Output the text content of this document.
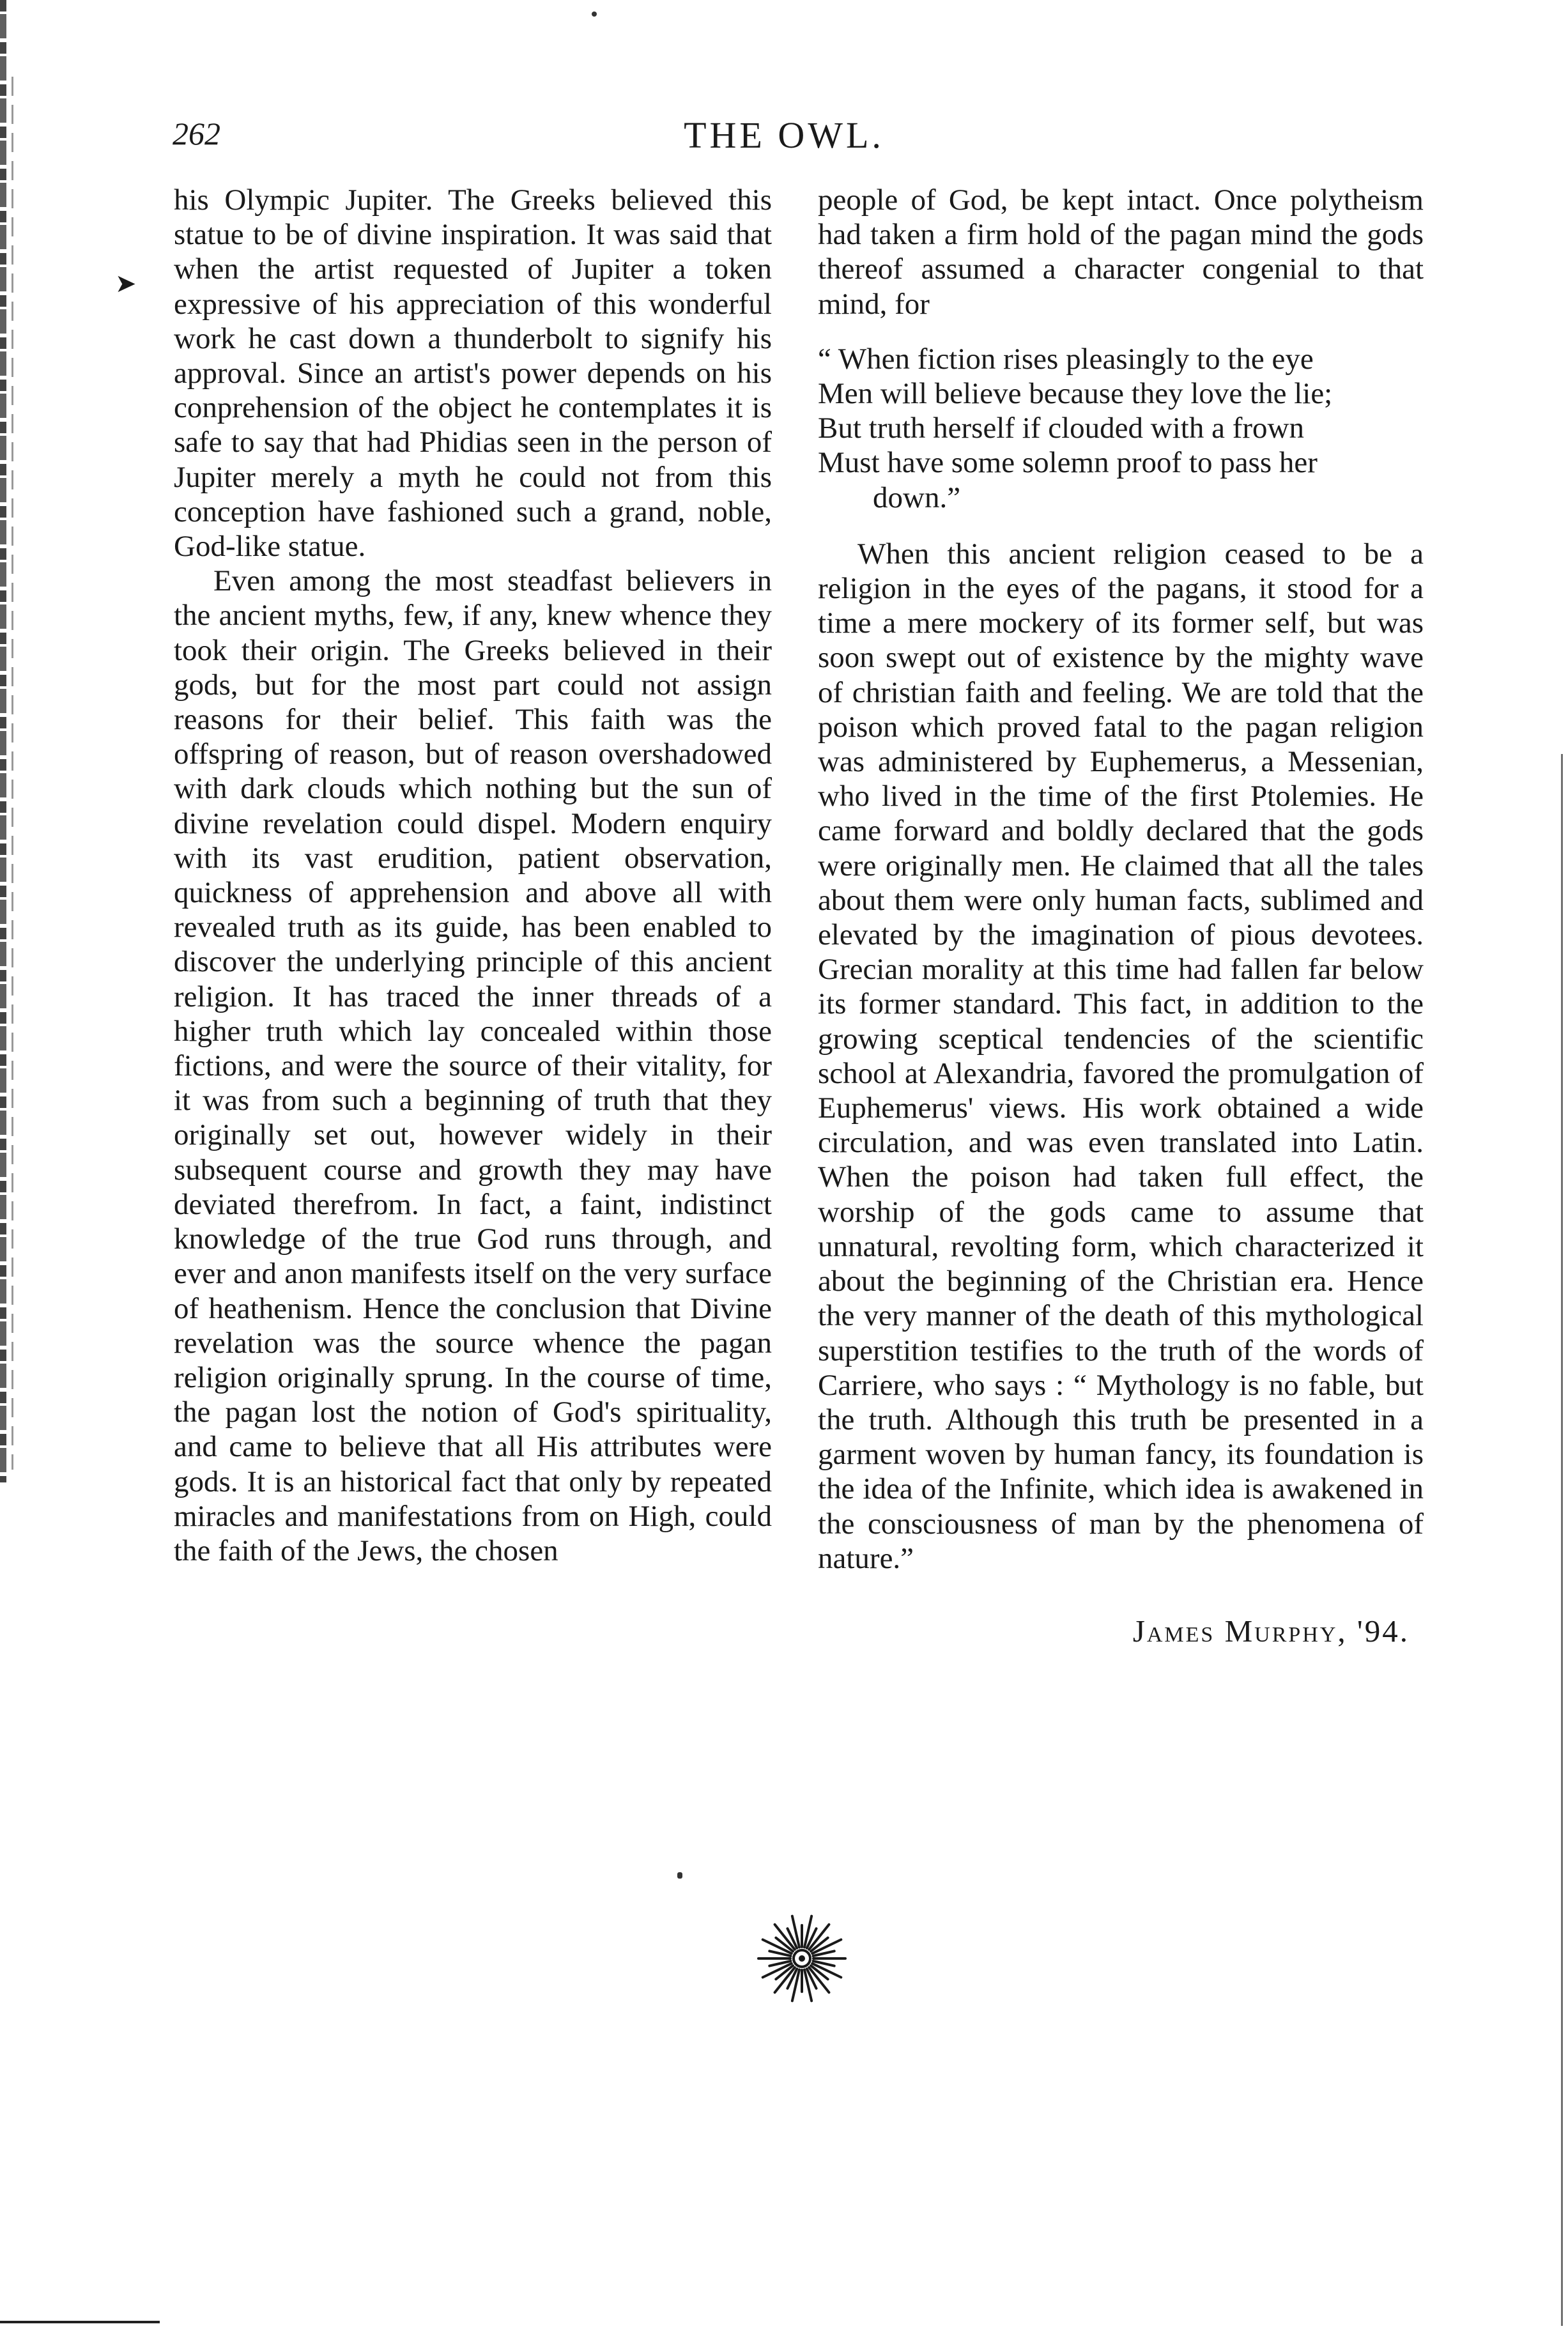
➤
262	THE OWL.

his Olympic Jupiter. The Greeks believed this statue to be of divine inspiration. It was said that when the artist requested of Jupiter a token expressive of his appreciation of this wonderful work he cast down a thunderbolt to signify his approval. Since an artist's power depends on his conprehension of the object he contemplates it is safe to say that had Phidias seen in the person of Jupiter merely a myth he could not from this conception have fashioned such a grand, noble, God-like statue.

Even among the most steadfast believers in the ancient myths, few, if any, knew whence they took their origin. The Greeks believed in their gods, but for the most part could not assign reasons for their belief. This faith was the offspring of reason, but of reason overshadowed with dark clouds which nothing but the sun of divine revelation could dispel. Modern enquiry with its vast erudition, patient observation, quickness of apprehension and above all with revealed truth as its guide, has been enabled to discover the underlying principle of this ancient religion. It has traced the inner threads of a higher truth which lay concealed within those fictions, and were the source of their vitality, for it was from such a beginning of truth that they originally set out, however widely in their subsequent course and growth they may have deviated therefrom. In fact, a faint, indistinct knowledge of the true God runs through, and ever and anon manifests itself on the very surface of heathenism. Hence the conclusion that Divine revelation was the source whence the pagan religion originally sprung. In the course of time, the pagan lost the notion of God's spirituality, and came to believe that all His attributes were gods. It is an historical fact that only by repeated miracles and manifestations from on High, could the faith of the Jews, the chosen

people of God, be kept intact. Once polytheism had taken a firm hold of the pagan mind the gods thereof assumed a character congenial to that mind, for

“ When fiction rises pleasingly to the eye
Men will believe because they love the lie;
But truth herself if clouded with a frown
Must have some solemn proof to pass her
down.”

When this ancient religion ceased to be a religion in the eyes of the pagans, it stood for a time a mere mockery of its former self, but was soon swept out of existence by the mighty wave of christian faith and feeling. We are told that the poison which proved fatal to the pagan religion was administered by Euphemerus, a Messenian, who lived in the time of the first Ptolemies. He came forward and boldly declared that the gods were originally men. He claimed that all the tales about them were only human facts, sublimed and elevated by the imagination of pious devotees. Grecian morality at this time had fallen far below its former standard. This fact, in addition to the growing sceptical tendencies of the scientific school at Alexandria, favored the promulgation of Euphemerus' views. His work obtained a wide circulation, and was even translated into Latin. When the poison had taken full effect, the worship of the gods came to assume that unnatural, revolting form, which characterized it about the beginning of the Christian era. Hence the very manner of the death of this mythological superstition testifies to the truth of the words of Carriere, who says : “ Mythology is no fable, but the truth. Although this truth be presented in a garment woven by human fancy, its foundation is the idea of the Infinite, which idea is awakened in the consciousness of man by the phenomena of nature.”

James Murphy, '94.
